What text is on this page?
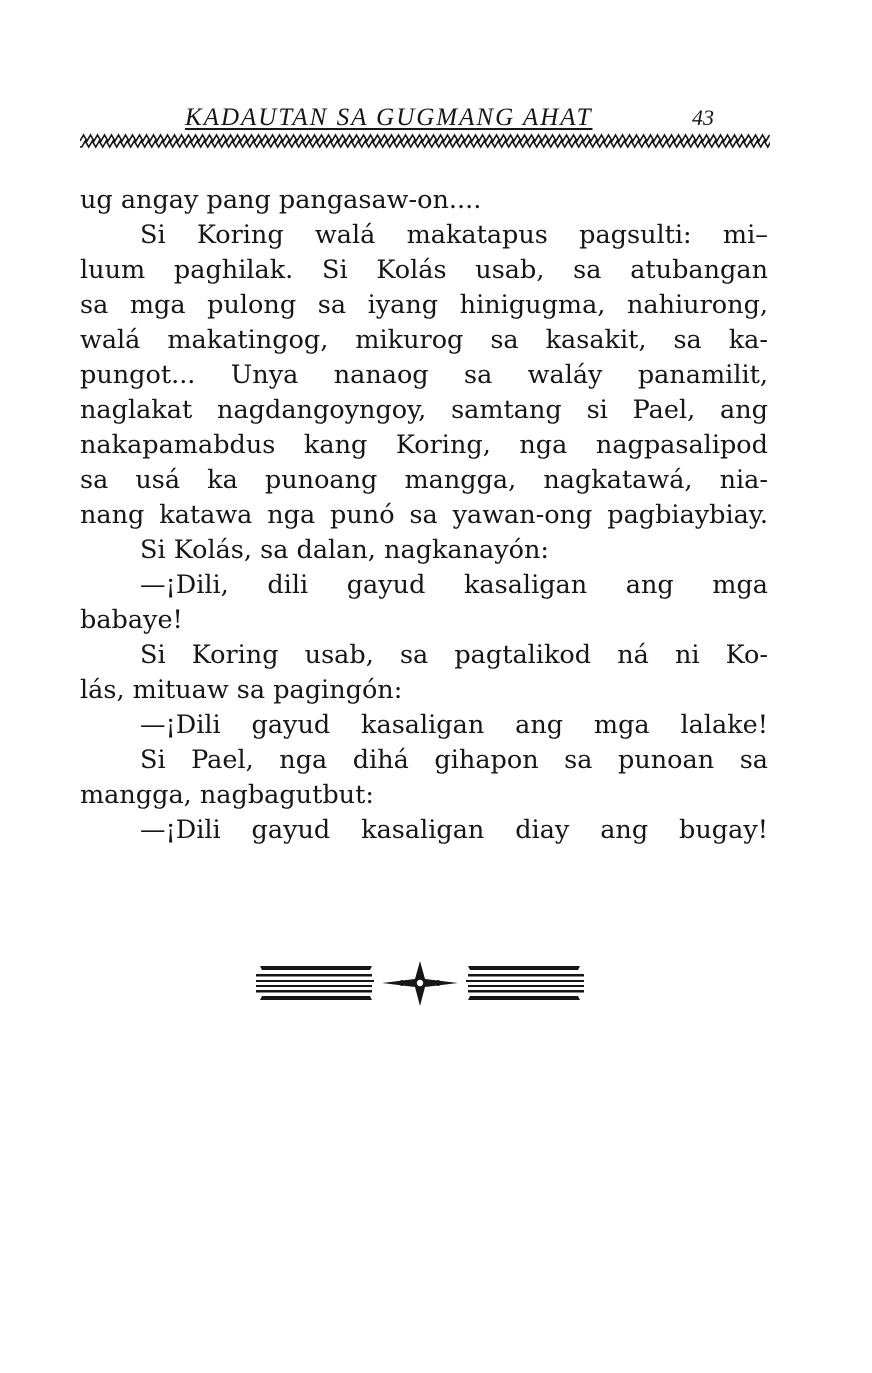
KADAUTAN SA GUGMANG AHAT	43
ug angay pang pangasaw-on....
Si Koring walá makatapus pagsulti: mi–
luum paghilak. Si Kolás usab, sa atubangan
sa mga pulong sa iyang hinigugma, nahiurong,
walá makatingog, mikurog sa kasakit, sa ka-
pungot... Unya nanaog sa waláy panamilit,
naglakat nagdangoyngoy, samtang si Pael, ang
nakapamabdus kang Koring, nga nagpasalipod
sa usá ka punoang mangga, nagkatawá, nia-
nang katawa nga punó sa yawan-ong pagbiaybiay.
Si Kolás, sa dalan, nagkanayón:
—¡Dili, dili gayud kasaligan ang mga
babaye!
Si Koring usab, sa pagtalikod ná ni Ko-
lás, mituaw sa pagingón:
—¡Dili gayud kasaligan ang mga lalake!
Si Pael, nga dihá gihapon sa punoan sa
mangga, nagbagutbut:
—¡Dili gayud kasaligan diay ang bugay!
